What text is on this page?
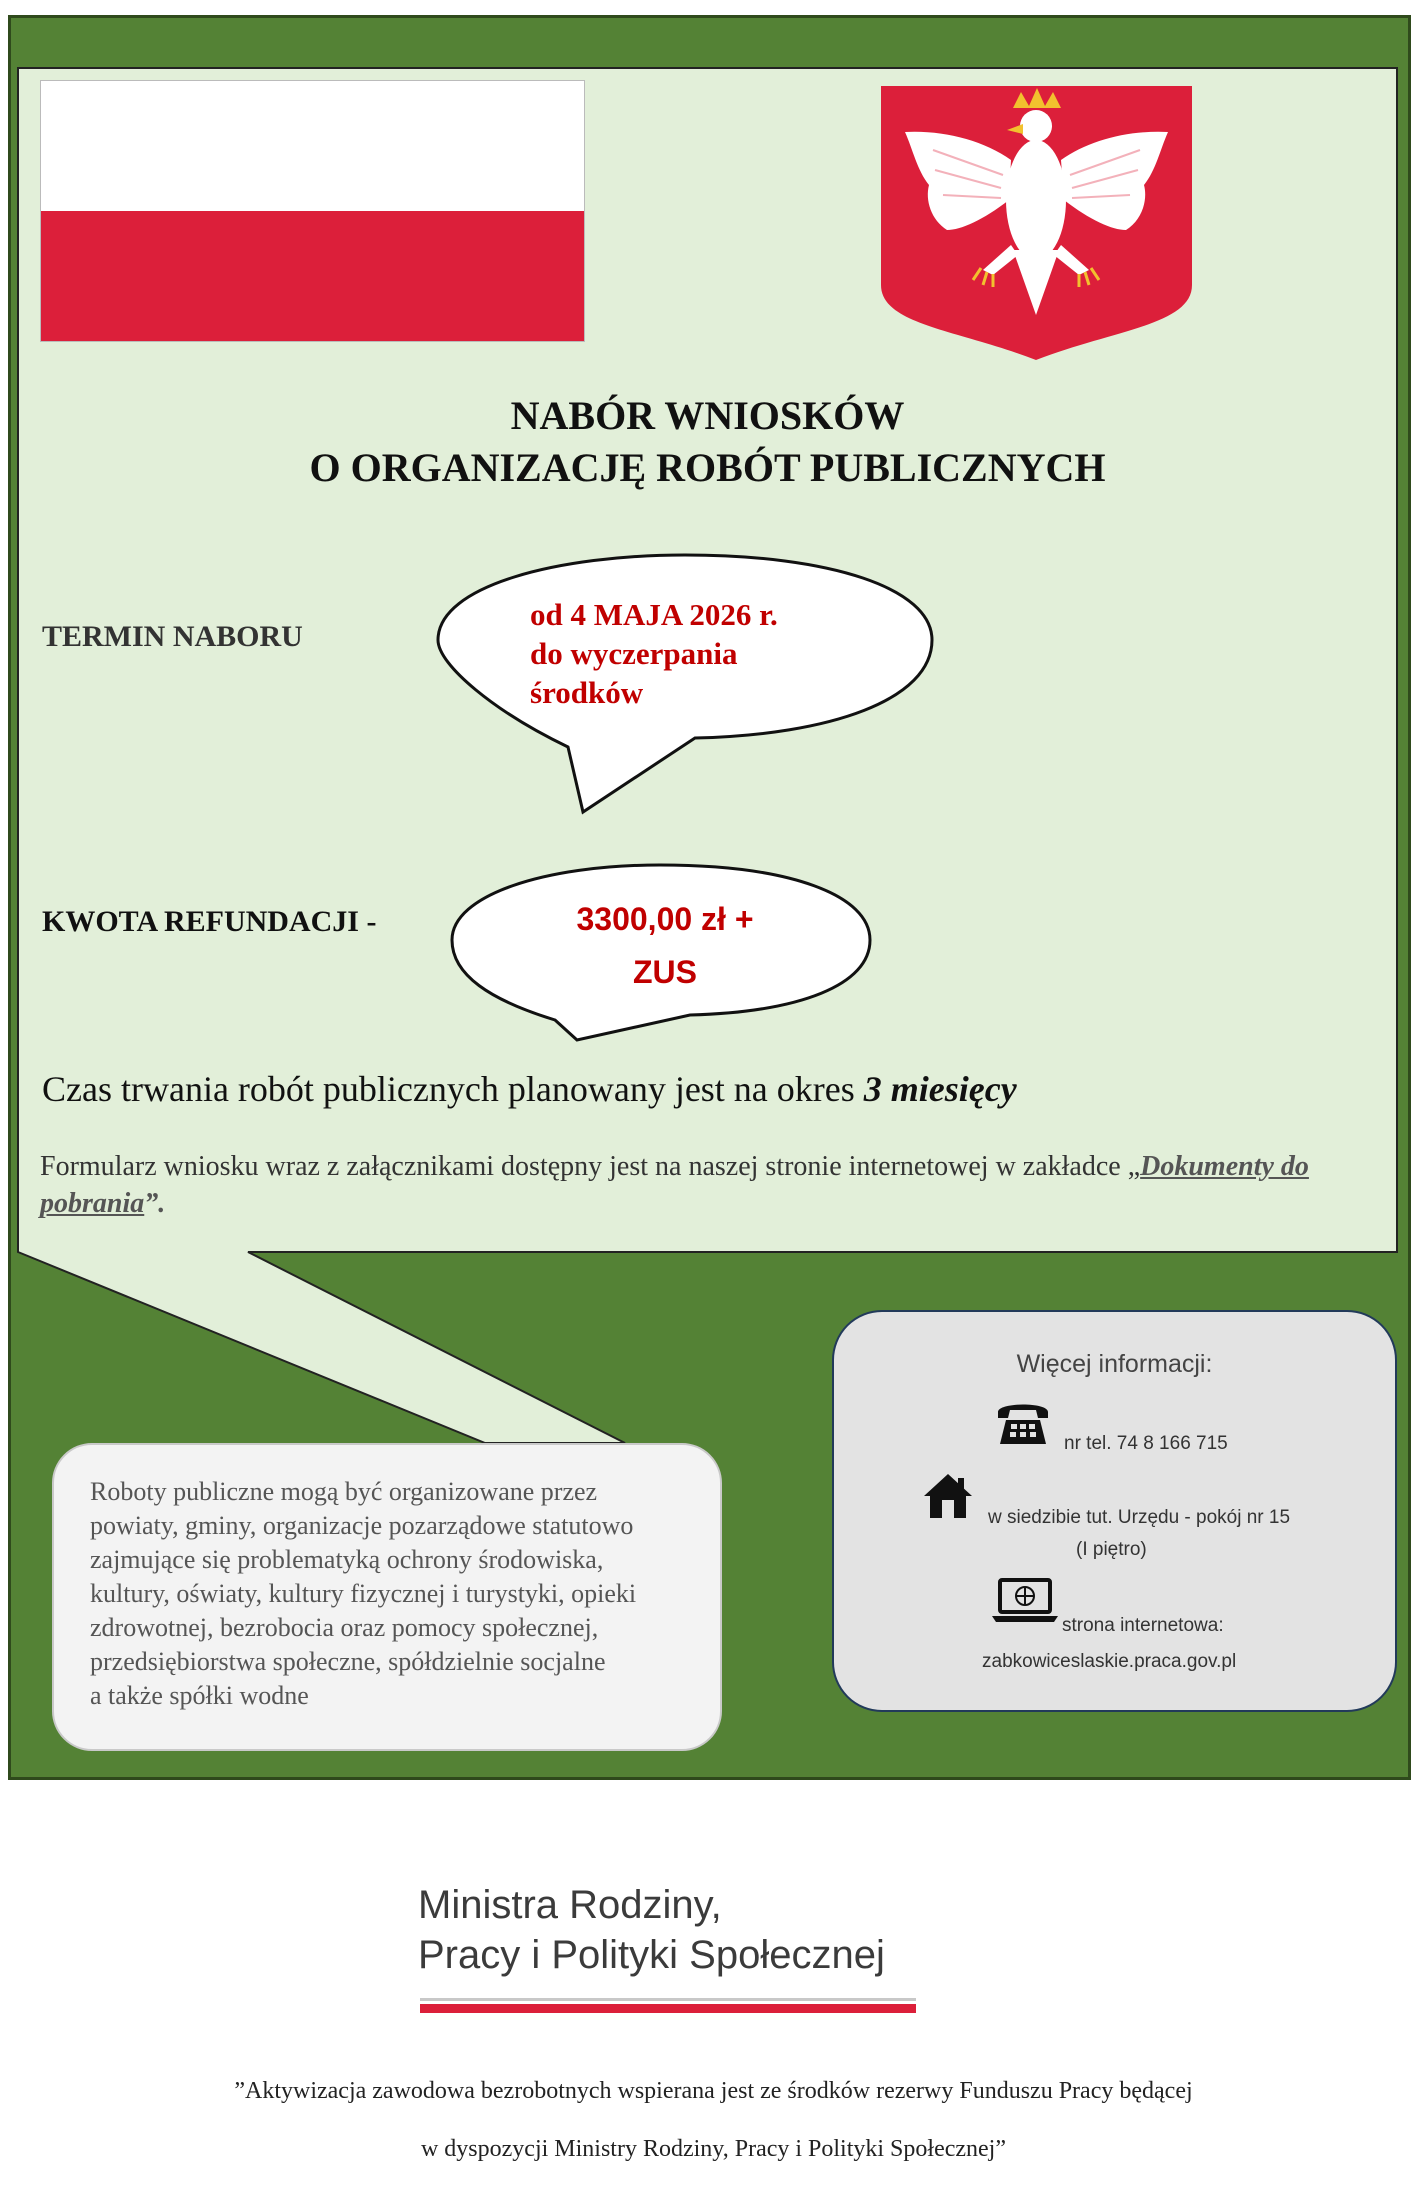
NABÓR WNIOSKÓW
O ORGANIZACJĘ ROBÓT PUBLICZNYCH
TERMIN NABORU
od 4 MAJA 2026 r.
do wyczerpania
środków
KWOTA REFUNDACJI -	3300,00 zł +
ZUS
Czas trwania robót publicznych planowany jest na okres 3 miesięcy
Formularz wniosku wraz z załącznikami dostępny jest na naszej stronie internetowej w zakładce „Dokumenty do pobrania”.

Roboty publiczne mogą być organizowane przez

powiaty, gminy, organizacje pozarządowe statutowo

zajmujące się problematyką ochrony środowiska,

kultury, oświaty, kultury fizycznej i turystyki, opieki

zdrowotnej, bezrobocia oraz pomocy społecznej,

przedsiębiorstwa społeczne, spółdzielnie socjalne

a także spółki wodne

Więcej informacji:
nr tel. 74 8 166 715
w siedzibie tut. Urzędu - pokój nr 15
(I piętro)
strona internetowa:
zabkowiceslaskie.praca.gov.pl
Ministra Rodziny,
Pracy i Polityki Społecznej
”Aktywizacja zawodowa bezrobotnych wspierana jest ze środków rezerwy Funduszu Pracy będącej
w dyspozycji Ministry Rodziny, Pracy i Polityki Społecznej”
